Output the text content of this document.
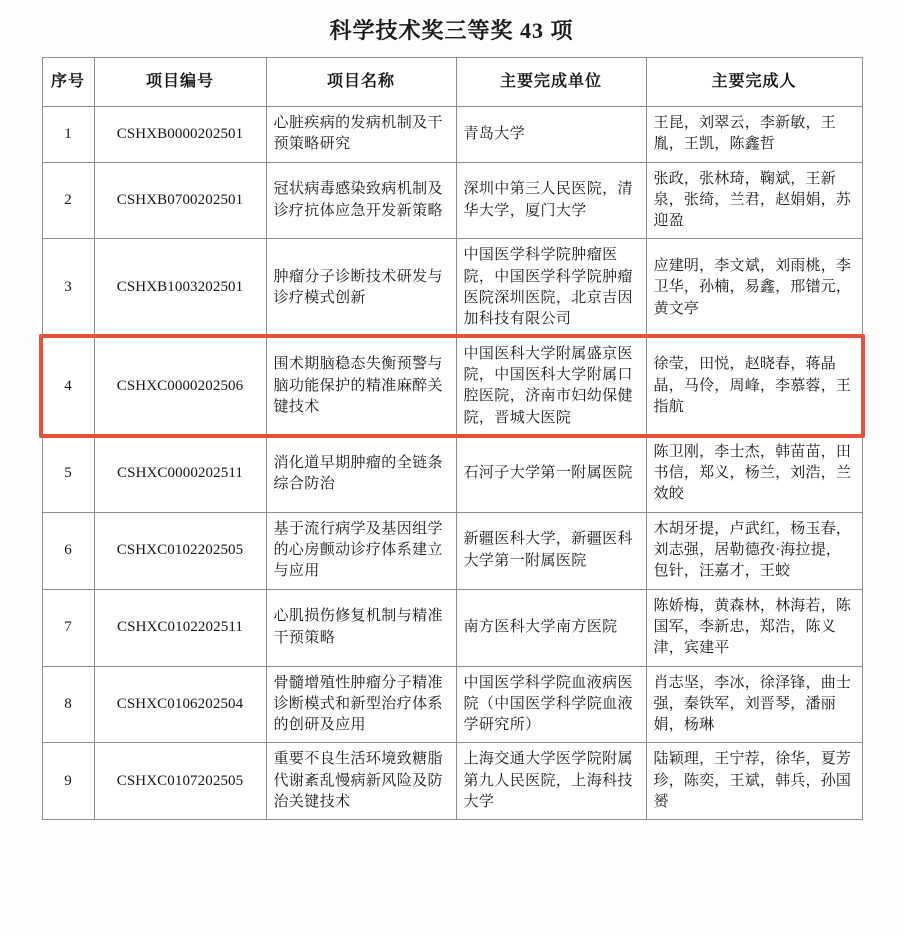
科学技术奖三等奖 43 项
序号	项目编号	项目名称	主要完成单位	主要完成人
1	CSHXB0000202501	心脏疾病的发病机制及干预策略研究	青岛大学	王昆，刘翠云，李新敏，王胤，王凯，陈鑫哲
2	CSHXB0700202501	冠状病毒感染致病机制及诊疗抗体应急开发新策略	深圳中第三人民医院，清华大学，厦门大学	张政，张林琦，鞠斌，王新泉，张绮，兰君，赵娟娟，苏迎盈
3	CSHXB1003202501	肿瘤分子诊断技术研发与诊疗模式创新	中国医学科学院肿瘤医院，中国医学科学院肿瘤医院深圳医院，北京吉因加科技有限公司	应建明，李文斌，刘雨桃，李卫华，孙楠，易鑫，邢镨元，黄文亭
4	CSHXC0000202506	围术期脑稳态失衡预警与脑功能保护的精准麻醉关键技术	中国医科大学附属盛京医院，中国医科大学附属口腔医院，济南市妇幼保健院，晋城大医院	徐莹，田悦，赵晓春，蒋晶晶，马伶，周峰，李慕蓉，王指航
5	CSHXC0000202511	消化道早期肿瘤的全链条综合防治	石河子大学第一附属医院	陈卫刚，李士杰，韩苗苗，田书信，郑义，杨兰，刘浩，兰效皎
6	CSHXC0102202505	基于流行病学及基因组学的心房颤动诊疗体系建立与应用	新疆医科大学，新疆医科大学第一附属医院	木胡牙提，卢武红，杨玉春，刘志强，居勒德孜·海拉提，包针，汪嘉才，王蛟
7	CSHXC0102202511	心肌损伤修复机制与精准干预策略	南方医科大学南方医院	陈娇梅，黄森林，林海若，陈国军，李新忠，郑浩，陈义津，宾建平
8	CSHXC0106202504	骨髓增殖性肿瘤分子精准诊断模式和新型治疗体系的创研及应用	中国医学科学院血液病医院（中国医学科学院血液学研究所）	肖志坚，李冰，徐泽锋，曲士强，秦铁军，刘晋琴，潘丽娟，杨琳
9	CSHXC0107202505	重要不良生活环境致糖脂代谢紊乱慢病新风险及防治关键技术	上海交通大学医学院附属第九人民医院，上海科技大学	陆颖理，王宁荐，徐华，夏芳珍，陈奕，王斌，韩兵，孙国赟
